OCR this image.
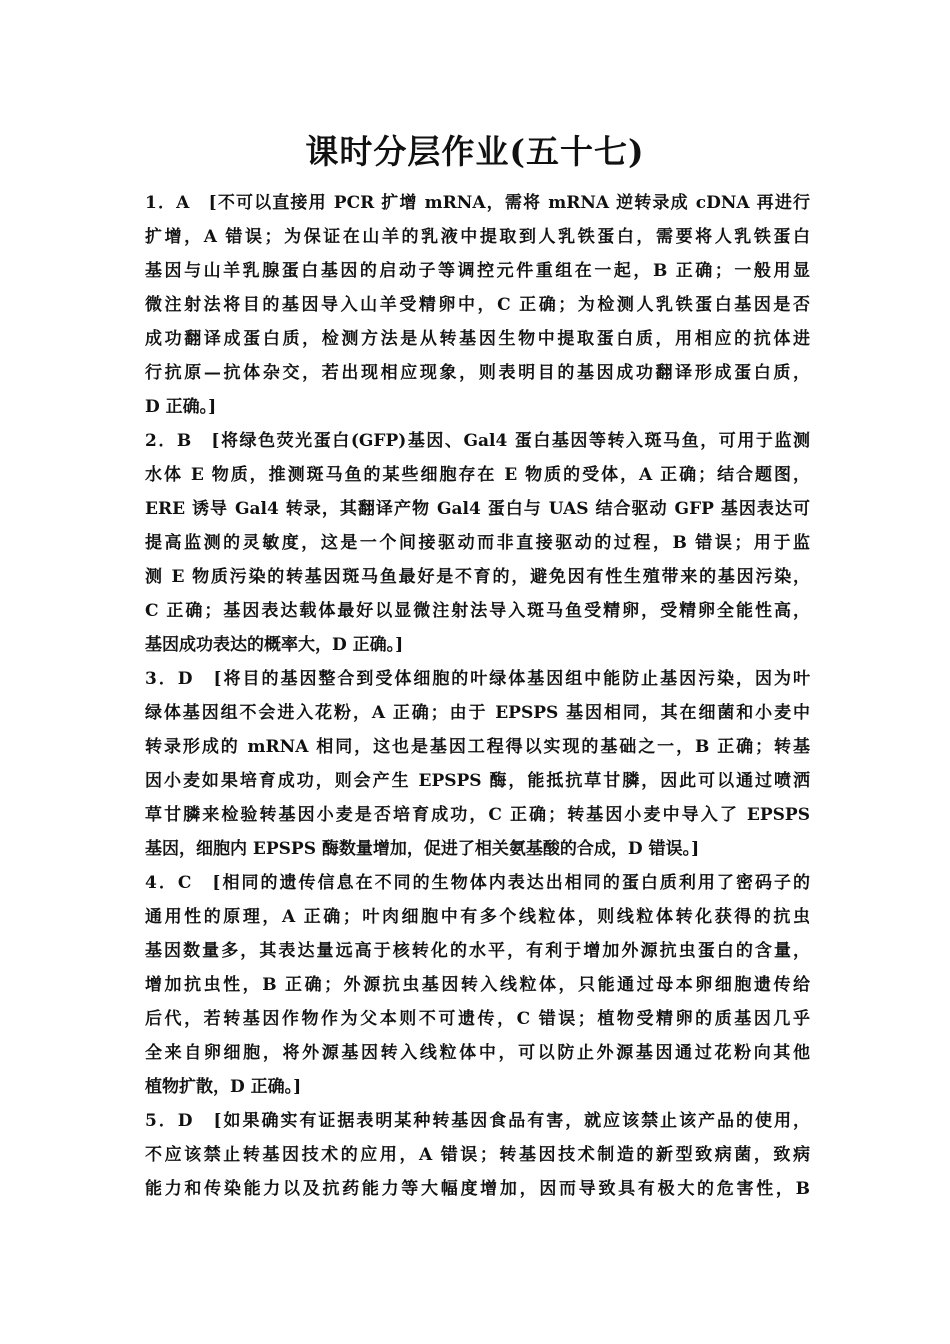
课时分层作业(五十七)
1．A　[不可以直接用 PCR 扩增 mRNA，需将 mRNA 逆转录成 cDNA 再进行
扩增，A 错误；为保证在山羊的乳液中提取到人乳铁蛋白，需要将人乳铁蛋白
基因与山羊乳腺蛋白基因的启动子等调控元件重组在一起，B 正确；一般用显
微注射法将目的基因导入山羊受精卵中，C 正确；为检测人乳铁蛋白基因是否
成功翻译成蛋白质，检测方法是从转基因生物中提取蛋白质，用相应的抗体进
行抗原—抗体杂交，若出现相应现象，则表明目的基因成功翻译形成蛋白质，
D 正确。]
2．B　[将绿色荧光蛋白(GFP)基因、Gal4 蛋白基因等转入斑马鱼，可用于监测
水体 E 物质，推测斑马鱼的某些细胞存在 E 物质的受体，A 正确；结合题图，
ERE 诱导 Gal4 转录，其翻译产物 Gal4 蛋白与 UAS 结合驱动 GFP 基因表达可
提高监测的灵敏度，这是一个间接驱动而非直接驱动的过程，B 错误；用于监
测 E 物质污染的转基因斑马鱼最好是不育的，避免因有性生殖带来的基因污染，
C 正确；基因表达载体最好以显微注射法导入斑马鱼受精卵，受精卵全能性高，
基因成功表达的概率大，D 正确。]
3．D　[将目的基因整合到受体细胞的叶绿体基因组中能防止基因污染，因为叶
绿体基因组不会进入花粉，A 正确；由于 EPSPS 基因相同，其在细菌和小麦中
转录形成的 mRNA 相同，这也是基因工程得以实现的基础之一，B 正确；转基
因小麦如果培育成功，则会产生 EPSPS 酶，能抵抗草甘膦，因此可以通过喷洒
草甘膦来检验转基因小麦是否培育成功，C 正确；转基因小麦中导入了 EPSPS
基因，细胞内 EPSPS 酶数量增加，促进了相关氨基酸的合成，D 错误。]
4．C　[相同的遗传信息在不同的生物体内表达出相同的蛋白质利用了密码子的
通用性的原理，A 正确；叶肉细胞中有多个线粒体，则线粒体转化获得的抗虫
基因数量多，其表达量远高于核转化的水平，有利于增加外源抗虫蛋白的含量，
增加抗虫性，B 正确；外源抗虫基因转入线粒体，只能通过母本卵细胞遗传给
后代，若转基因作物作为父本则不可遗传，C 错误；植物受精卵的质基因几乎
全来自卵细胞，将外源基因转入线粒体中，可以防止外源基因通过花粉向其他
植物扩散，D 正确。]
5．D　[如果确实有证据表明某种转基因食品有害，就应该禁止该产品的使用，
不应该禁止转基因技术的应用，A 错误；转基因技术制造的新型致病菌，致病
能力和传染能力以及抗药能力等大幅度增加，因而导致具有极大的危害性，B
